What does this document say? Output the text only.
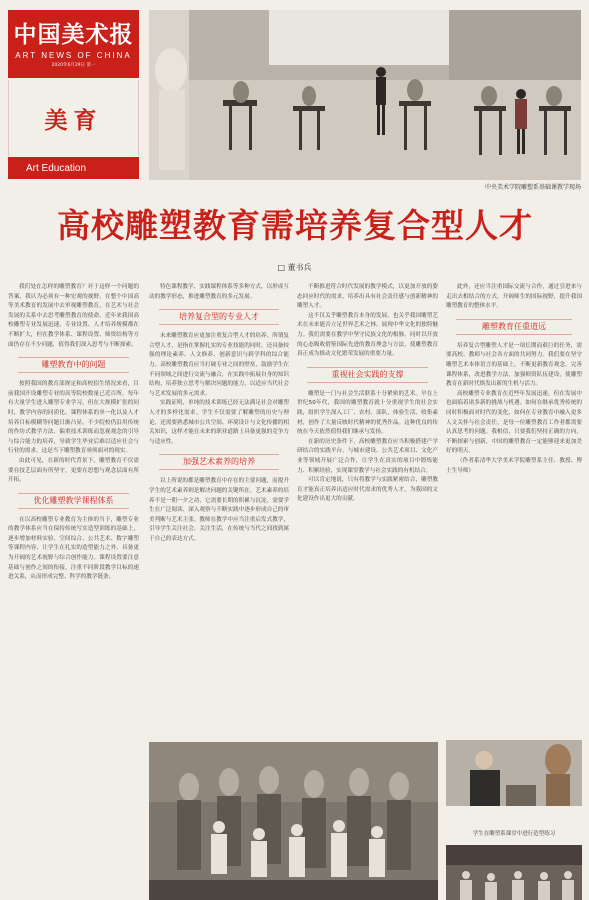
中国美术报
ART NEWS OF CHINA
2020年6月29日 第一
美育
Art Education
中央美术学院雕塑系基础课教学现场
高校雕塑教育需培养复合型人才
□ 董书兵

我们处在怎样的雕塑教育？对于这样一个问题的答案，我认为必须有一种宏观的视野，在整个中国高等美术教育的发展中去审视雕塑教育，在艺术与社会发展的关系中去思考雕塑教育的使命。近年来我国高校雕塑专业发展迅速，专业设置、人才培养规模都在不断扩大，但在教学体系、课程设置、师资结构等方面仍存在不少问题，值得我们深入思考与不断探索。

雕塑教育中的问题

按照我国的教育部规定和高校招生情况来看，目前我国开设雕塑专业的高等院校数量已近百所，每年有大量学生进入雕塑专业学习。但在大规模扩张的同时，教学内容的同质化、课程体系的单一化以及人才培养目标模糊等问题日渐凸显。不少院校仍沿用传统的作坊式教学方法，偏重技术训练而忽视观念的引导与综合能力的培养，导致学生毕业后难以适应社会与行业的需求，这是当下雕塑教育亟须面对的现实。

由此可见，在新的时代背景下，雕塑教育不仅需要在技艺层面有所坚守，更要在思想与观念层面有所开拓。

优化雕塑教学课程体系

在以高校雕塑专业教育为主体的当下，雕塑专业的教学体系应当在保持传统写实造型训练的基础上，逐步增加材料实验、空间综合、公共艺术、数字雕塑等课程内容，让学生在扎实的造型能力之外，具备更为开阔的艺术视野与综合创作能力。课程设置要注意基础与创作之间的衔接，注重不同阶段教学目标的递进关系，从而形成完整、科学的教学链条。

特色课程教学、实践课程体系等多种方式，以形成互动的教学形态，推进雕塑教育的多元发展。

培养复合型的专业人才

未来雕塑教育应更加注重复合型人才的培养。所谓复合型人才，是指在掌握扎实的专业技能的同时，还具备较强的理论素养、人文修养、创新意识与跨学科的综合能力。高校雕塑教育应当打破专业之间的壁垒，鼓励学生在不同领域之间进行交流与融合，在实践中拓展自身的知识结构，培养独立思考与解决问题的能力，以适应当代社会与艺术发展的多元需求。

实践证明，单纯的技术训练已经无法满足社会对雕塑人才的多样化需求。学生不仅需要了解雕塑的历史与理论，还需要熟悉城市公共空间、环境设计与文化传播的相关知识，这样才能在未来的职业道路上具备更强的竞争力与适应性。

加强艺术素养的培养

以上所说的都是雕塑教育中存在的主要问题，而提升学生的艺术素养则是解决问题的关键所在。艺术素养的培养不是一朝一夕之功，它需要长期的积累与沉淀，需要学生在广泛阅读、深入观察与不断实践中逐步形成自己的审美判断与艺术主张。教师在教学中应当注重启发式教学，引导学生关注社会、关注生活，在传统与当代之间找到属于自己的表达方式。

不断推进符合时代发展的教学模式，以更加开放的姿态回应时代的需求，培养出具有社会责任感与创新精神的雕塑人才。

这不仅关乎雕塑教育本身的发展，也关乎我国雕塑艺术在未来能否立足世界艺术之林、展现中华文化的独特魅力。我们需要在教学中坚守民族文化的根脉，同时以开放的心态吸收借鉴国际先进的教育理念与方法，使雕塑教育真正成为推动文化繁荣发展的重要力量。

重视社会实践的支撑

雕塑是一门与社会生活联系十分紧密的艺术。早在上世纪50年代，我国的雕塑教育就十分重视学生的社会实践，组织学生深入工厂、农村、部队，体验生活、收集素材，创作了大量反映时代精神的优秀作品。这种优良的传统在今天依然值得我们继承与发扬。

在新的历史条件下，高校雕塑教育应当积极搭建产学研结合的实践平台，与城市建设、公共艺术项目、文化产业等领域开展广泛合作，让学生在真实的项目中锻炼能力、积累经验，实现课堂教学与社会实践的有机结合。

可以肯定地说，只有将教学与实践紧密结合，雕塑教育才能真正培养出适应时代需求的优秀人才，为我国的文化建设作出更大的贡献。

此外，还应当注重国际交流与合作，通过引进来与走出去相结合的方式，开阔师生的国际视野，提升我国雕塑教育的整体水平。

雕塑教育任重道远

培养复合型雕塑人才是一项长期而艰巨的任务，需要高校、教师与社会各方面的共同努力。我们要在坚守雕塑艺术本体语言的基础上，不断更新教育观念，完善课程体系，改进教学方法，加强师资队伍建设，使雕塑教育在新时代焕发出新的生机与活力。

高校雕塑专业教育在近些年发展迅速，但在发展中也面临着诸多新的挑战与机遇。如何在继承优秀传统的同时积极面对时代的变化，如何在专业教育中融入更多人文关怀与社会责任，是每一位雕塑教育工作者都需要认真思考的问题。我相信，只要我们坚持正确的方向，不断探索与创新，中国的雕塑教育一定能够迎来更加美好的明天。

（作者系清华大学美术学院雕塑系主任、教授、博士生导师）

学生在雕塑系课堂中进行造型练习
